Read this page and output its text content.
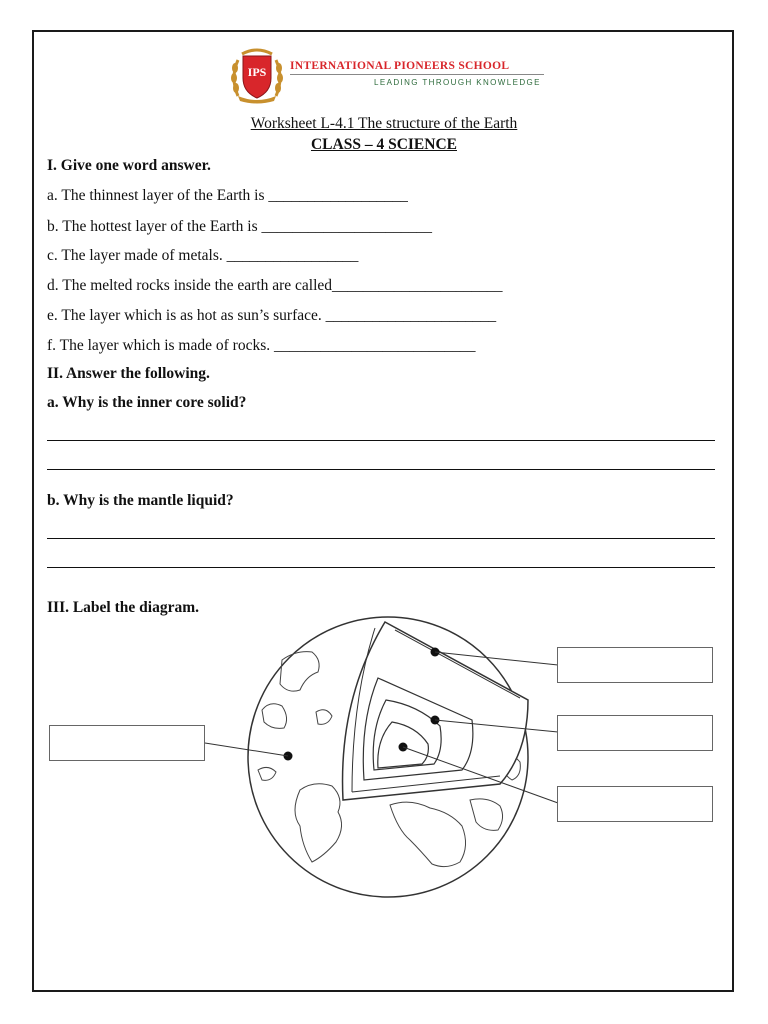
IPS INTERNATIONAL PIONEERS SCHOOL
LEADING THROUGH KNOWLEDGE
Worksheet L-4.1 The structure of the Earth
CLASS – 4 SCIENCE
I. Give one word answer.
a. The thinnest layer of the Earth is __________________
b. The hottest layer of the Earth is ______________________
c. The layer made of metals. _________________
d. The melted rocks inside the earth are called______________________
e. The layer which is as hot as sun’s surface. ______________________
f. The layer which is made of rocks. __________________________
II. Answer the following.
a. Why is the inner core solid?
b. Why is the mantle liquid?
III. Label the diagram.
